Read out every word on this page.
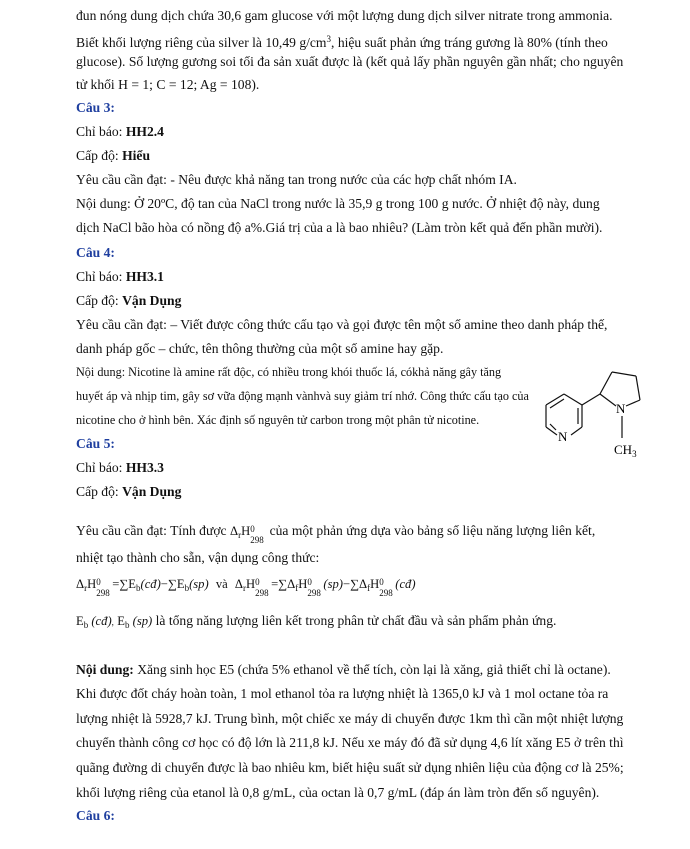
đun nóng dung dịch chứa 30,6 gam glucose với một lượng dung dịch silver nitrate trong ammonia.
Biết khối lượng riêng của silver là 10,49 $g/cm^3$, hiệu suất phản ứng tráng gương là 80% (tính theo
glucose). Số lượng gương soi tối đa sản xuất được là (kết quả lấy phần nguyên gần nhất; cho nguyên
tử khối H = 1; C = 12; Ag = 108).
Câu 3:
Chỉ báo: HH2.4
Cấp độ: Hiểu
Yêu cầu cần đạt: - Nêu được khả năng tan trong nước của các hợp chất nhóm IA.
Nội dung: Ở 20ºC, độ tan của NaCl trong nước là 35,9 g trong 100 g nước. Ở nhiệt độ này, dung
dịch NaCl bão hòa có nồng độ a%.Giá trị của a là bao nhiêu? (Làm tròn kết quả đến phần mười).
Câu 4:
Chỉ báo: HH3.1
Cấp độ: Vận Dụng
Yêu cầu cần đạt: – Viết được công thức cấu tạo và gọi được tên một số amine theo danh pháp thế,
danh pháp gốc – chức, tên thông thường của một số amine hay gặp.
Nội dung: Nicotine là amine rất độc, có nhiều trong khói thuốc lá, cókhả năng gây tăng
huyết áp và nhịp tim, gây sơ vữa động mạnh vànhvà suy giảm trí nhớ. Công thức cấu tạo của
nicotine cho ở hình bên. Xác định số nguyên tử carbon trong một phân tử nicotine.
N
N
$CH_3$
Câu 5:
Chỉ báo: HH3.3
Cấp độ: Vận Dụng
Yêu cầu cần đạt: Tính được $\Delta_rH$ 0
298
của một phản ứng dựa vào bảng số liệu năng lượng liên kết,
nhiệt tạo thành cho sẵn, vận dụng công thức:
$\Delta_rH$ 0
298
$=\sum E_b(cđ)-\sum E_b(sp)$ và $\Delta_rH$ 0
298
$=\sum\Delta_fH$ 0
298
$(sp)-\sum\Delta_fH$ 0
298
(cđ)
$E_b$ (cđ), $E_b$ (sp) là tổng năng lượng liên kết trong phân tử chất đầu và sản phẩm phản ứng.
Nội dung: Xăng sinh học E5 (chứa 5% ethanol về thể tích, còn lại là xăng, giả thiết chỉ là octane).
Khi được đốt cháy hoàn toàn, 1 mol ethanol tỏa ra lượng nhiệt là 1365,0 kJ và 1 mol octane tỏa ra
lượng nhiệt là 5928,7 kJ. Trung bình, một chiếc xe máy di chuyển được 1km thì cần một nhiệt lượng
chuyển thành công cơ học có độ lớn là 211,8 kJ. Nếu xe máy đó đã sử dụng 4,6 lít xăng E5 ở trên thì
quãng đường di chuyển được là bao nhiêu km, biết hiệu suất sử dụng nhiên liệu của động cơ là 25%;
khối lượng riêng của etanol là 0,8 g/mL, của octan là 0,7 g/mL (đáp án làm tròn đến số nguyên).
Câu 6:
